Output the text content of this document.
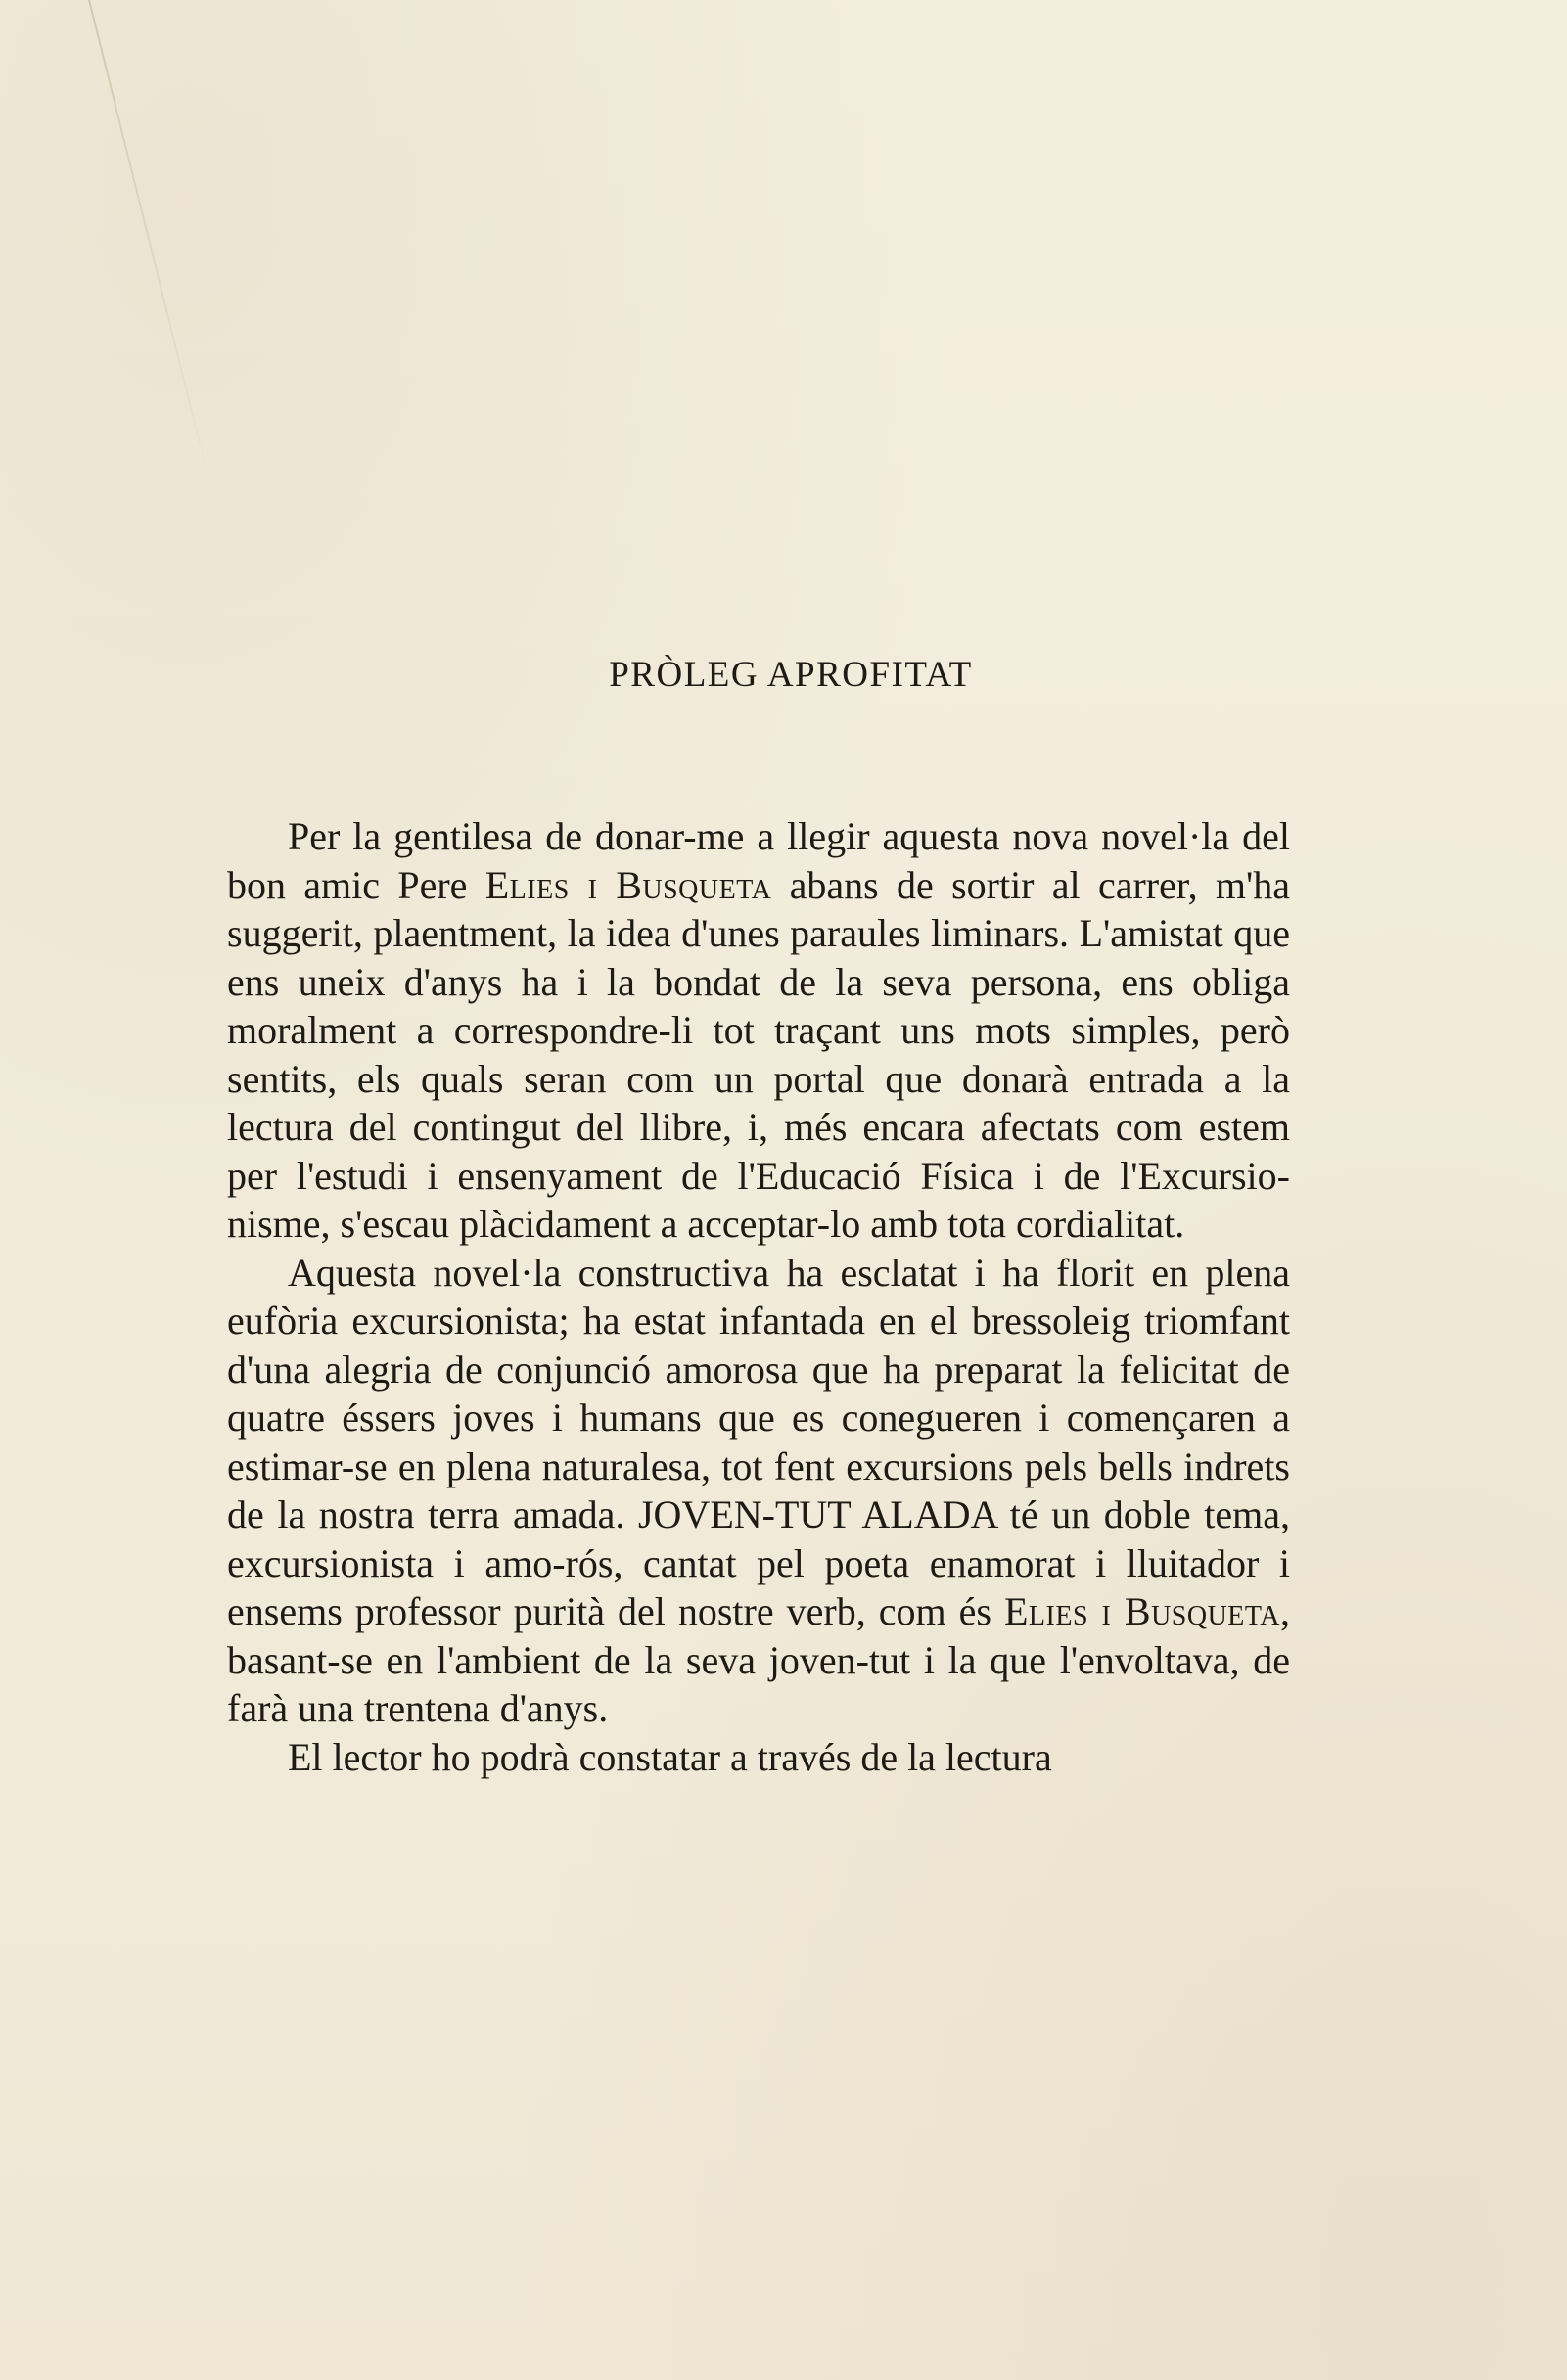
PRÒLEG APROFITAT

Per la gentilesa de donar-me a llegir aquesta nova novel·la del bon amic Pere Elies i Busqueta abans de sortir al carrer, m'ha suggerit, plaentment, la idea d'unes paraules liminars. L'amistat que ens uneix d'anys ha i la bondat de la seva persona, ens obliga moralment a correspondre-li tot traçant uns mots simples, però sentits, els quals seran com un portal que donarà entrada a la lectura del contingut del llibre, i, més encara afectats com estem per l'estudi i ensenyament de l'Educació Física i de l'Excursio-nisme, s'escau plàcidament a acceptar-lo amb tota cordialitat.

Aquesta novel·la constructiva ha esclatat i ha florit en plena eufòria excursionista; ha estat infantada en el bressoleig triomfant d'una alegria de conjunció amorosa que ha preparat la felicitat de quatre éssers joves i humans que es conegueren i començaren a estimar-se en plena naturalesa, tot fent excursions pels bells indrets de la nostra terra amada. JOVEN-TUT ALADA té un doble tema, excursionista i amo-rós, cantat pel poeta enamorat i lluitador i ensems professor purità del nostre verb, com és Elies i Busqueta, basant-se en l'ambient de la seva joven-tut i la que l'envoltava, de farà una trentena d'anys.

El lector ho podrà constatar a través de la lectura
